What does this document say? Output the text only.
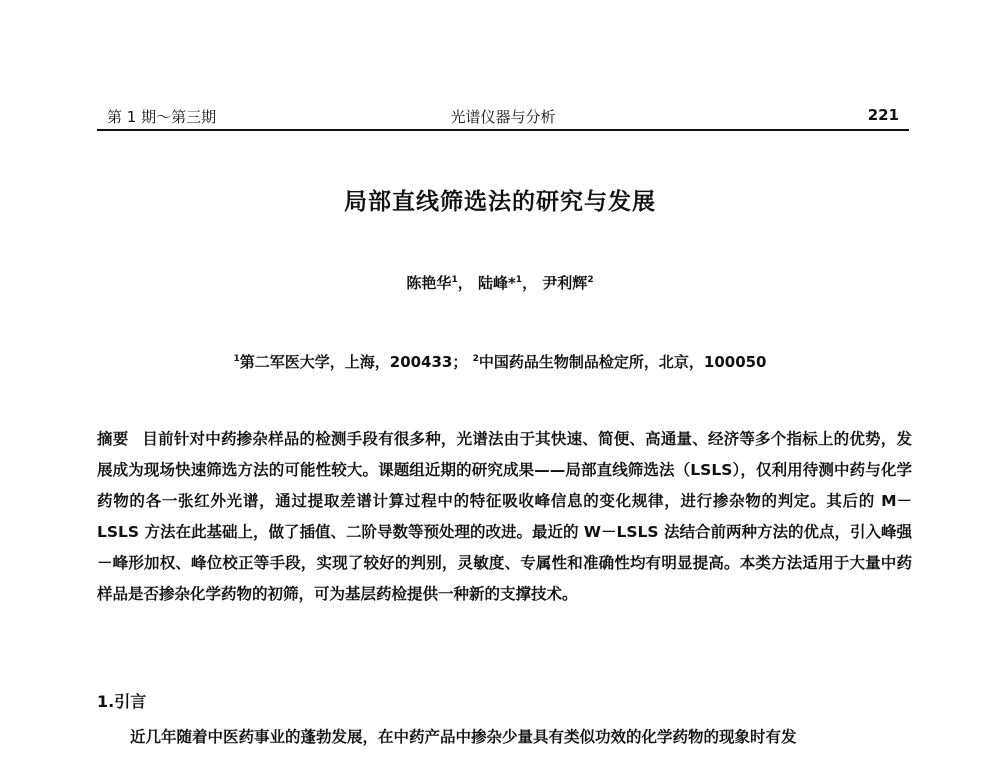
第 1 期～第三期	光谱仪器与分析	221
局部直线筛选法的研究与发展
陈艳华$^1$， 陆峰*$^1$， 尹利辉$^2$
$^1$第二军医大学，上海，200433； $^2$中国药品生物制品检定所，北京，100050
摘要 目前针对中药掺杂样品的检测手段有很多种，光谱法由于其快速、简便、高通量、经济等多个指标上的优势，发展成为现场快速筛选方法的可能性较大。课题组近期的研究成果——局部直线筛选法（LSLS），仅利用待测中药与化学药物的各一张红外光谱，通过提取差谱计算过程中的特征吸收峰信息的变化规律，进行掺杂物的判定。其后的 M－LSLS 方法在此基础上，做了插值、二阶导数等预处理的改进。最近的 W－LSLS 法结合前两种方法的优点，引入峰强－峰形加权、峰位校正等手段，实现了较好的判别，灵敏度、专属性和准确性均有明显提高。本类方法适用于大量中药样品是否掺杂化学药物的初筛，可为基层药检提供一种新的支撑技术。
1.引言
近几年随着中医药事业的蓬勃发展，在中药产品中掺杂少量具有类似功效的化学药物的现象时有发
